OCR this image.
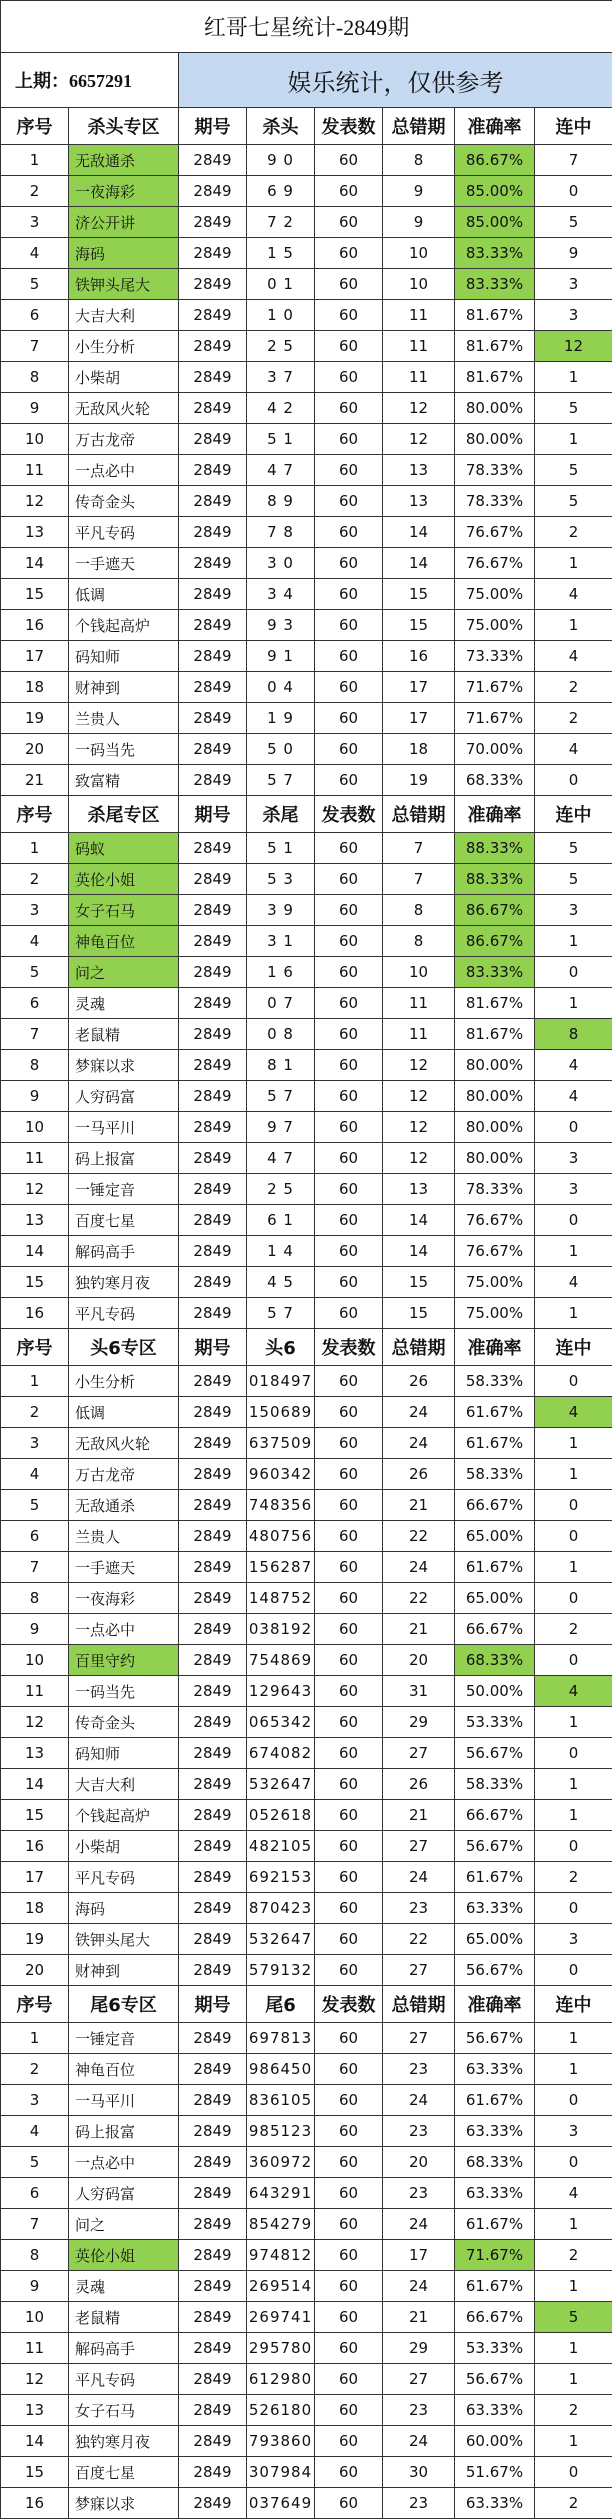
红哥七星统计-2849期							
上期：6657291		娱乐统计，仅供参考					
序号	杀头专区	期号	杀头	发表数	总错期	准确率	连中
1	无敌通杀	2849	9 0	60	8	86.67%	7
2	一夜海彩	2849	6 9	60	9	85.00%	0
3	济公开讲	2849	7 2	60	9	85.00%	5
4	海码	2849	1 5	60	10	83.33%	9
5	铁钾头尾大	2849	0 1	60	10	83.33%	3
6	大吉大利	2849	1 0	60	11	81.67%	3
7	小生分析	2849	2 5	60	11	81.67%	12
8	小柴胡	2849	3 7	60	11	81.67%	1
9	无敌风火轮	2849	4 2	60	12	80.00%	5
10	万古龙帝	2849	5 1	60	12	80.00%	1
11	一点必中	2849	4 7	60	13	78.33%	5
12	传奇金头	2849	8 9	60	13	78.33%	5
13	平凡专码	2849	7 8	60	14	76.67%	2
14	一手遮天	2849	3 0	60	14	76.67%	1
15	低调	2849	3 4	60	15	75.00%	4
16	个钱起高炉	2849	9 3	60	15	75.00%	1
17	码知师	2849	9 1	60	16	73.33%	4
18	财神到	2849	0 4	60	17	71.67%	2
19	兰贵人	2849	1 9	60	17	71.67%	2
20	一码当先	2849	5 0	60	18	70.00%	4
21	致富精	2849	5 7	60	19	68.33%	0
序号	杀尾专区	期号	杀尾	发表数	总错期	准确率	连中
1	码蚁	2849	5 1	60	7	88.33%	5
2	英伦小姐	2849	5 3	60	7	88.33%	5
3	女子石马	2849	3 9	60	8	86.67%	3
4	神龟百位	2849	3 1	60	8	86.67%	1
5	问之	2849	1 6	60	10	83.33%	0
6	灵魂	2849	0 7	60	11	81.67%	1
7	老鼠精	2849	0 8	60	11	81.67%	8
8	梦寐以求	2849	8 1	60	12	80.00%	4
9	人穷码富	2849	5 7	60	12	80.00%	4
10	一马平川	2849	9 7	60	12	80.00%	0
11	码上报富	2849	4 7	60	12	80.00%	3
12	一锤定音	2849	2 5	60	13	78.33%	3
13	百度七星	2849	6 1	60	14	76.67%	0
14	解码高手	2849	1 4	60	14	76.67%	1
15	独钓寒月夜	2849	4 5	60	15	75.00%	4
16	平凡专码	2849	5 7	60	15	75.00%	1
序号	头6专区	期号	头6	发表数	总错期	准确率	连中
1	小生分析	2849	018497	60	26	58.33%	0
2	低调	2849	150689	60	24	61.67%	4
3	无敌风火轮	2849	637509	60	24	61.67%	1
4	万古龙帝	2849	960342	60	26	58.33%	1
5	无敌通杀	2849	748356	60	21	66.67%	0
6	兰贵人	2849	480756	60	22	65.00%	0
7	一手遮天	2849	156287	60	24	61.67%	1
8	一夜海彩	2849	148752	60	22	65.00%	0
9	一点必中	2849	038192	60	21	66.67%	2
10	百里守约	2849	754869	60	20	68.33%	0
11	一码当先	2849	129643	60	31	50.00%	4
12	传奇金头	2849	065342	60	29	53.33%	1
13	码知师	2849	674082	60	27	56.67%	0
14	大吉大利	2849	532647	60	26	58.33%	1
15	个钱起高炉	2849	052618	60	21	66.67%	1
16	小柴胡	2849	482105	60	27	56.67%	0
17	平凡专码	2849	692153	60	24	61.67%	2
18	海码	2849	870423	60	23	63.33%	0
19	铁钾头尾大	2849	532647	60	22	65.00%	3
20	财神到	2849	579132	60	27	56.67%	0
序号	尾6专区	期号	尾6	发表数	总错期	准确率	连中
1	一锤定音	2849	697813	60	27	56.67%	1
2	神龟百位	2849	986450	60	23	63.33%	1
3	一马平川	2849	836105	60	24	61.67%	0
4	码上报富	2849	985123	60	23	63.33%	3
5	一点必中	2849	360972	60	20	68.33%	0
6	人穷码富	2849	643291	60	23	63.33%	4
7	问之	2849	854279	60	24	61.67%	1
8	英伦小姐	2849	974812	60	17	71.67%	2
9	灵魂	2849	269514	60	24	61.67%	1
10	老鼠精	2849	269741	60	21	66.67%	5
11	解码高手	2849	295780	60	29	53.33%	1
12	平凡专码	2849	612980	60	27	56.67%	1
13	女子石马	2849	526180	60	23	63.33%	2
14	独钓寒月夜	2849	793860	60	24	60.00%	1
15	百度七星	2849	307984	60	30	51.67%	0
16	梦寐以求	2849	037649	60	23	63.33%	2
